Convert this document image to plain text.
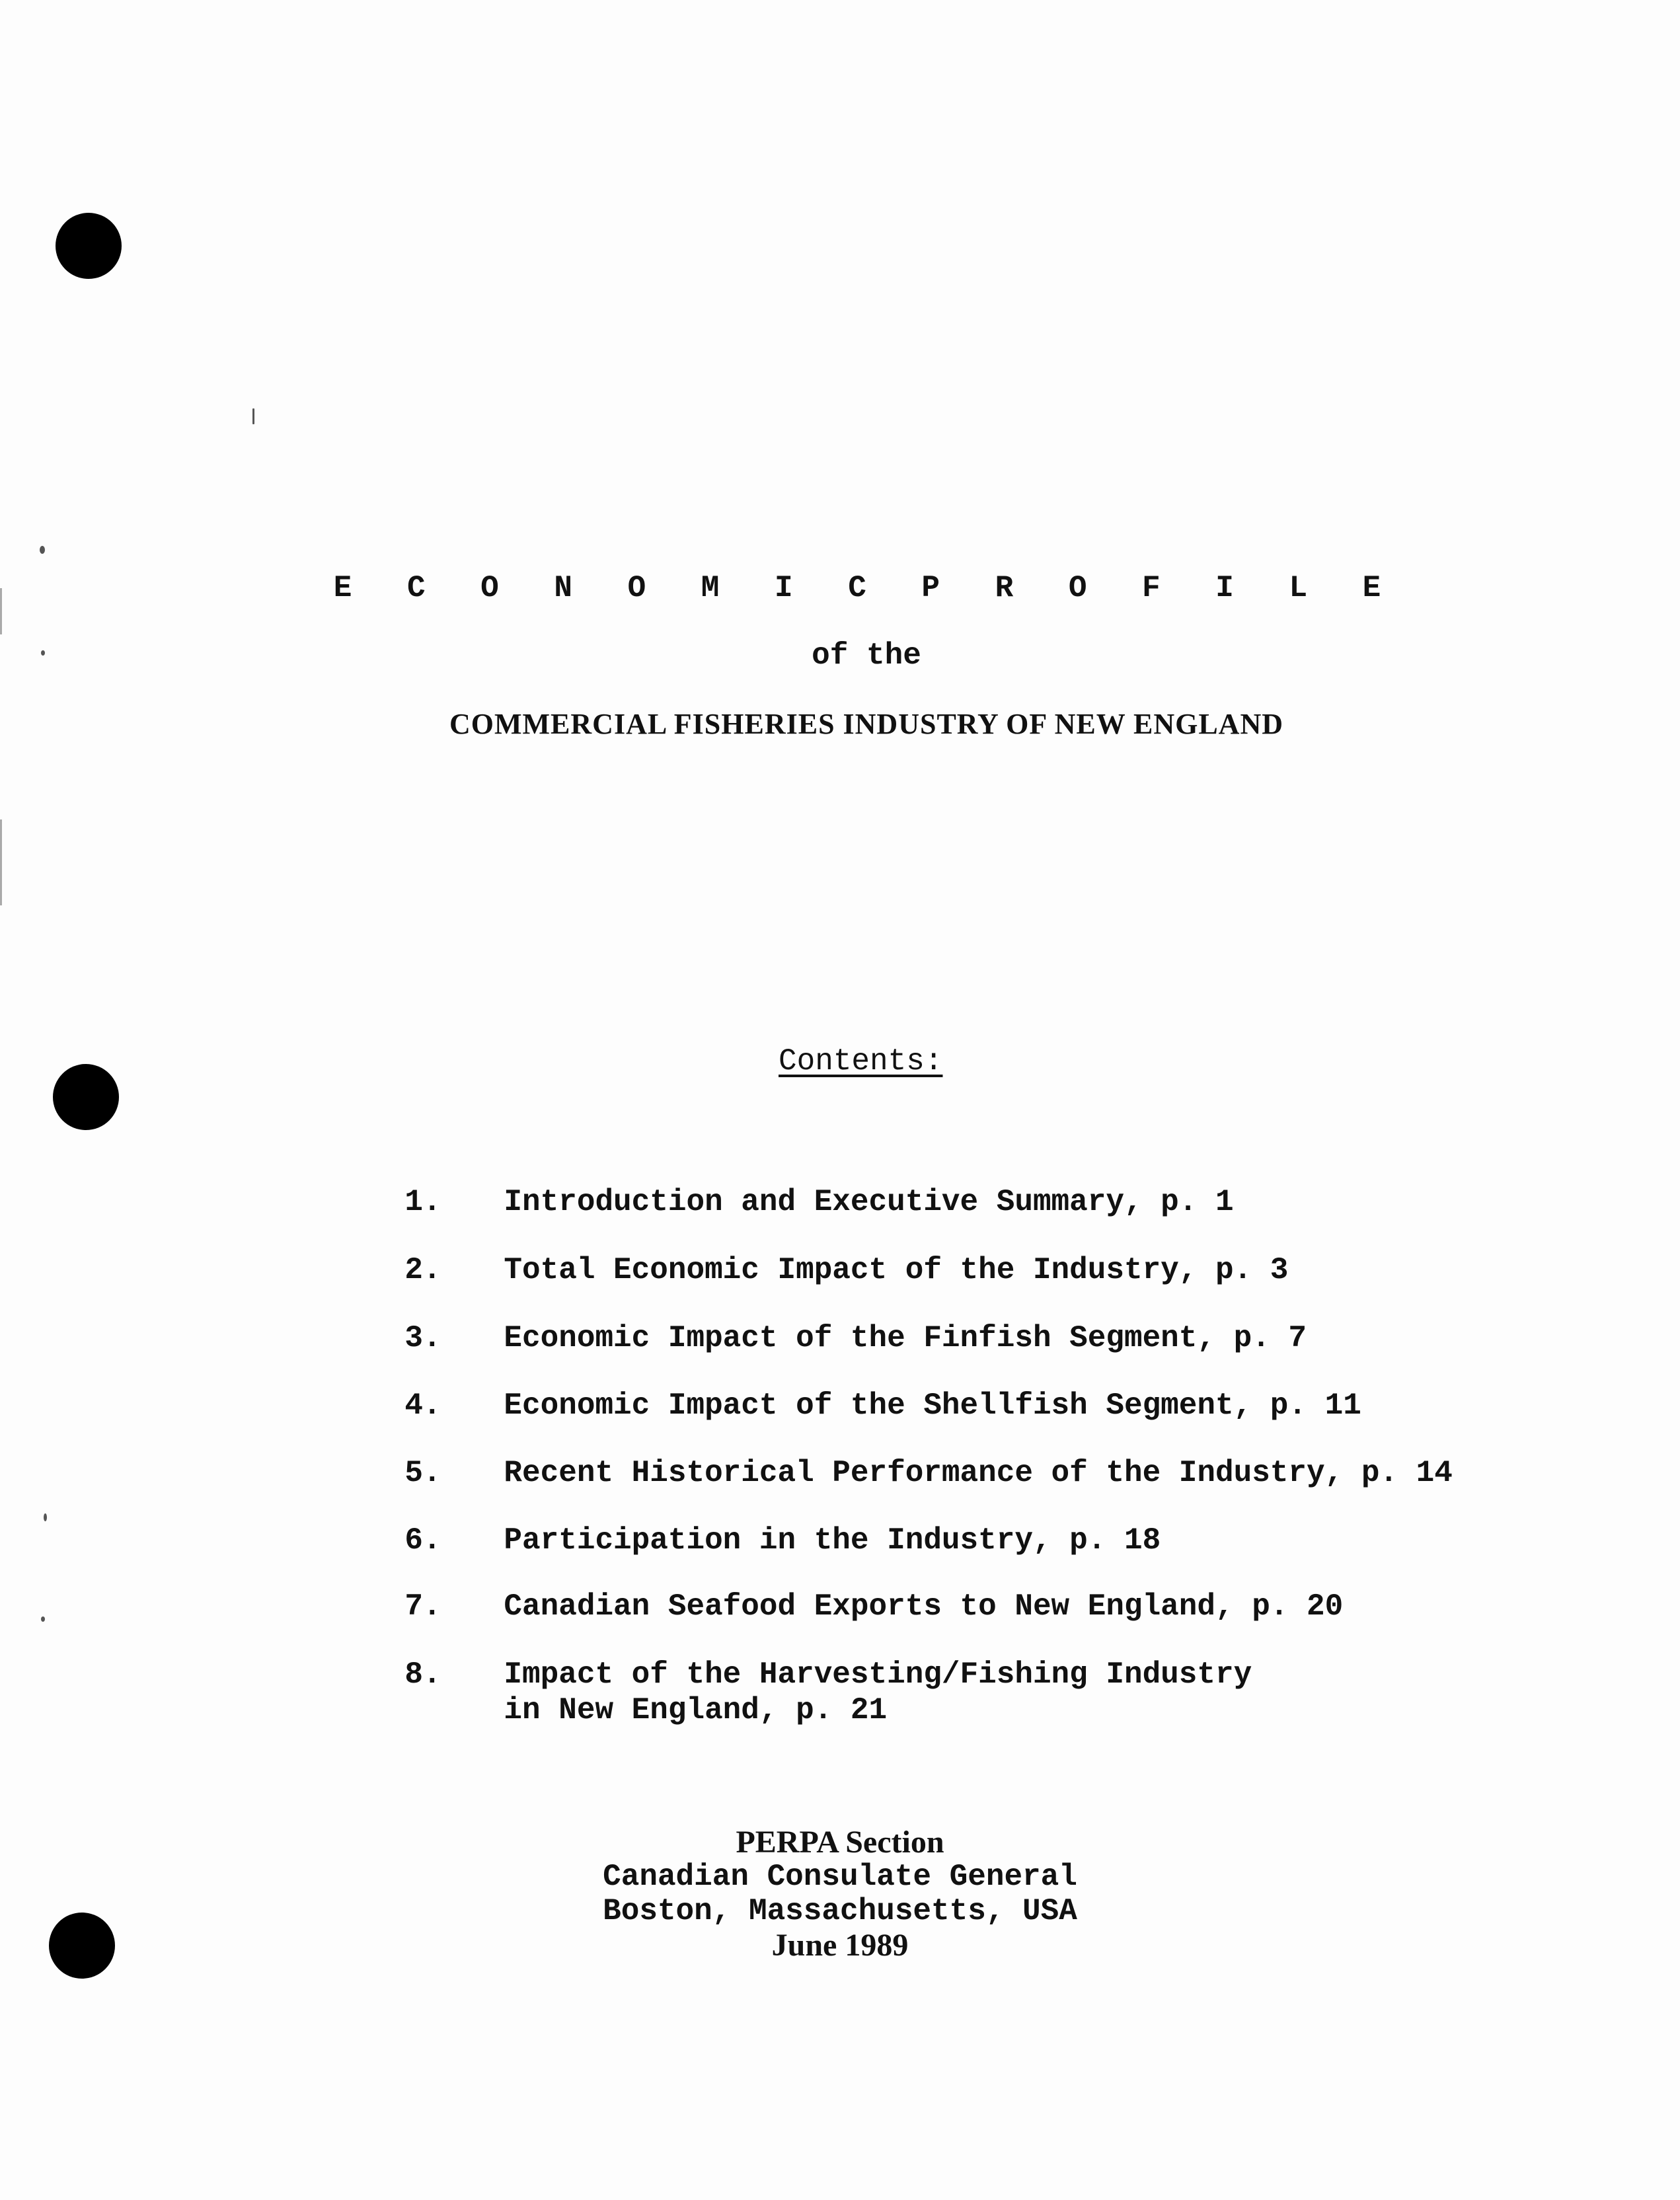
E C O N O M I C P R O F I L E
of the
COMMERCIAL FISHERIES INDUSTRY OF NEW ENGLAND
Contents:

1. Introduction and Executive Summary, p. 1

2. Total Economic Impact of the Industry, p. 3

3. Economic Impact of the Finfish Segment, p. 7

4. Economic Impact of the Shellfish Segment, p. 11

5. Recent Historical Performance of the Industry, p. 14

6. Participation in the Industry, p. 18

7. Canadian Seafood Exports to New England, p. 20

8. Impact of the Harvesting/Fishing Industry
in New England, p. 21

PERPA Section
Canadian Consulate General
Boston, Massachusetts, USA
June 1989
